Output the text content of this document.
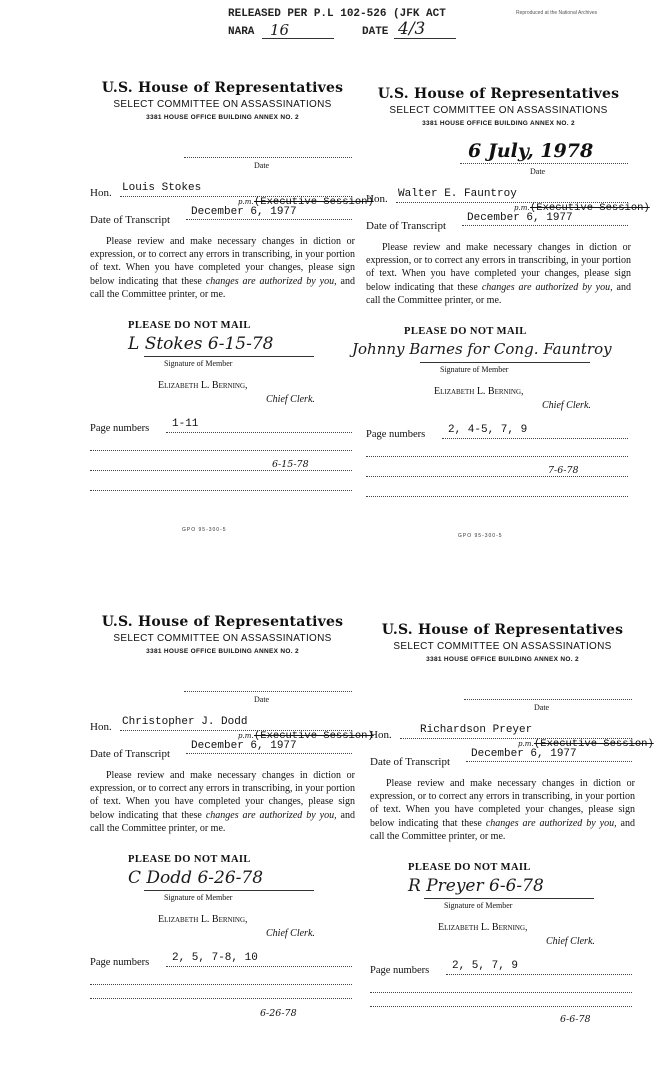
RELEASED PER P.L 102-526 (JFK ACT
NARA 16	DATE 4/3
Reproduced at the National Archives
U.S. House of Representatives
SELECT COMMITTEE ON ASSASSINATIONS
3381 HOUSE OFFICE BUILDING ANNEX NO. 2
Date
Hon. Louis Stokes
p.m. (Executive Session)
Date of Transcript
December 6, 1977
Please review and make necessary changes in diction or expression, or to correct any errors in transcribing, in your portion of text. When you have completed your changes, please sign below indicating that these changes are authorized by you, and call the Committee printer, or me.
PLEASE DO NOT MAIL
L Stokes 6-15-78
Signature of Member
Elizabeth L. Berning,
Chief Clerk.
Page numbers 1-11
6-15-78
GPO 95-300-5
U.S. House of Representatives
SELECT COMMITTEE ON ASSASSINATIONS
3381 HOUSE OFFICE BUILDING ANNEX NO. 2
6 July, 1978
Date
Hon. Walter E. Fauntroy
p.m. (Executive Session)
Date of Transcript
December 6, 1977
Please review and make necessary changes in diction or expression, or to correct any errors in transcribing, in your portion of text. When you have completed your changes, please sign below indicating that these changes are authorized by you, and call the Committee printer, or me.
PLEASE DO NOT MAIL
Johnny Barnes for Cong. Fauntroy
Signature of Member
Elizabeth L. Berning,
Chief Clerk.
Page numbers 2, 4-5, 7, 9
7-6-78
GPO 95-300-5
U.S. House of Representatives
SELECT COMMITTEE ON ASSASSINATIONS
3381 HOUSE OFFICE BUILDING ANNEX NO. 2
Date
Hon. Christopher J. Dodd
p.m. (Executive Session)
Date of Transcript
December 6, 1977
Please review and make necessary changes in diction or expression, or to correct any errors in transcribing, in your portion of text. When you have completed your changes, please sign below indicating that these changes are authorized by you, and call the Committee printer, or me.
PLEASE DO NOT MAIL
C Dodd 6-26-78
Signature of Member
Elizabeth L. Berning,
Chief Clerk.
Page numbers 2, 5, 7-8, 10
6-26-78
U.S. House of Representatives
SELECT COMMITTEE ON ASSASSINATIONS
3381 HOUSE OFFICE BUILDING ANNEX NO. 2
Date
Hon.	Richardson Preyer
p.m. (Executive Session)
Date of Transcript
December 6, 1977
Please review and make necessary changes in diction or expression, or to correct any errors in transcribing, in your portion of text. When you have completed your changes, please sign below indicating that these changes are authorized by you, and call the Committee printer, or me.
PLEASE DO NOT MAIL
R Preyer 6-6-78
Signature of Member
Elizabeth L. Berning,
Chief Clerk.
Page numbers 2, 5, 7, 9
6-6-78
